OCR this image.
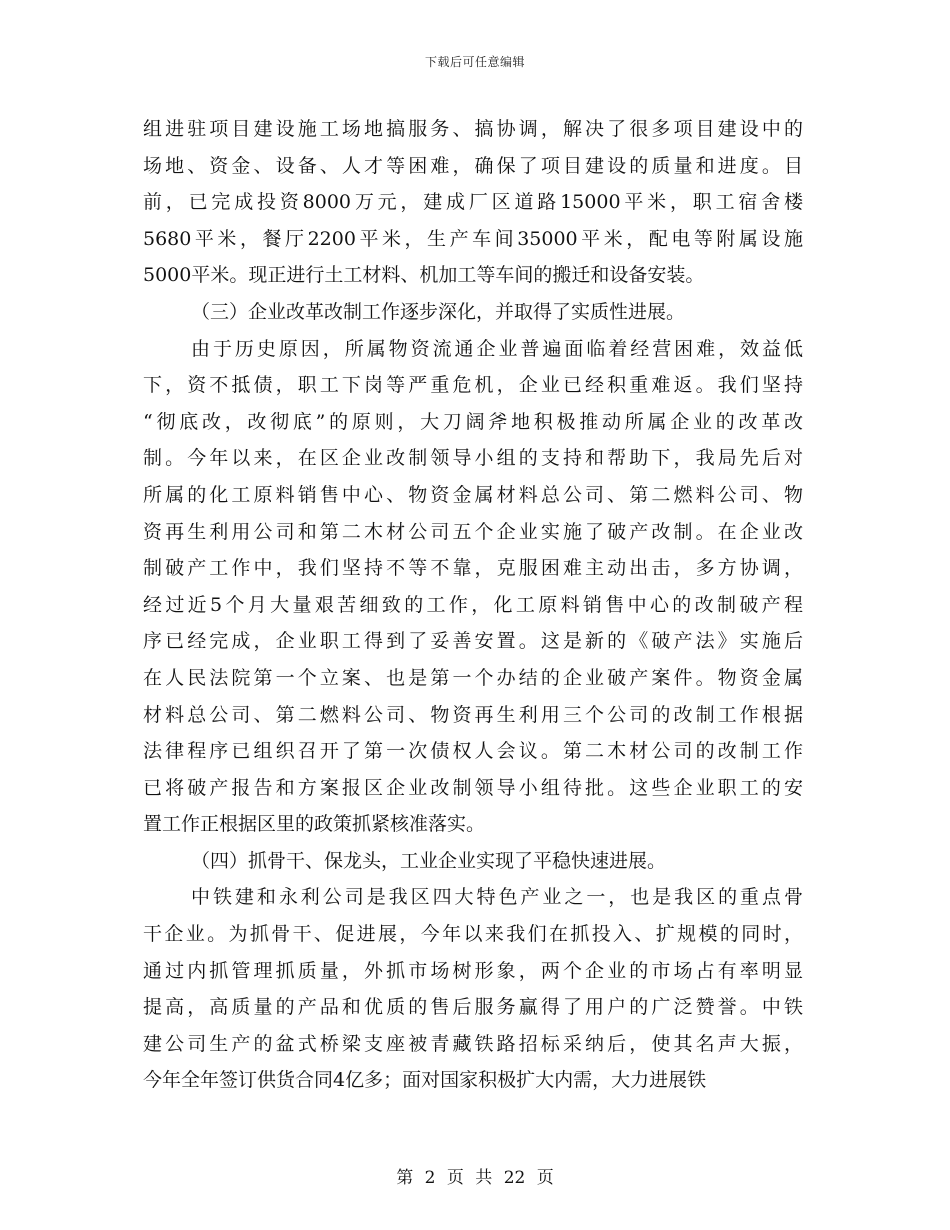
下载后可任意编辑
组进驻项目建设施工场地搞服务、搞协调，解决了很多项目建设中的
场地、资金、设备、人才等困难，确保了项目建设的质量和进度。目
前，已完成投资8000万元，建成厂区道路15000平米，职工宿舍楼
5680平米，餐厅2200平米，生产车间35000平米，配电等附属设施
5000平米。现正进行土工材料、机加工等车间的搬迁和设备安装。
（三）企业改革改制工作逐步深化，并取得了实质性进展。
由于历史原因，所属物资流通企业普遍面临着经营困难，效益低
下，资不抵债，职工下岗等严重危机，企业已经积重难返。我们坚持
“彻底改，改彻底”的原则，大刀阔斧地积极推动所属企业的改革改
制。今年以来，在区企业改制领导小组的支持和帮助下，我局先后对
所属的化工原料销售中心、物资金属材料总公司、第二燃料公司、物
资再生利用公司和第二木材公司五个企业实施了破产改制。在企业改
制破产工作中，我们坚持不等不靠，克服困难主动出击，多方协调，
经过近5个月大量艰苦细致的工作，化工原料销售中心的改制破产程
序已经完成，企业职工得到了妥善安置。这是新的《破产法》实施后
在人民法院第一个立案、也是第一个办结的企业破产案件。物资金属
材料总公司、第二燃料公司、物资再生利用三个公司的改制工作根据
法律程序已组织召开了第一次债权人会议。第二木材公司的改制工作
已将破产报告和方案报区企业改制领导小组待批。这些企业职工的安
置工作正根据区里的政策抓紧核准落实。
（四）抓骨干、保龙头，工业企业实现了平稳快速进展。
中铁建和永利公司是我区四大特色产业之一，也是我区的重点骨
干企业。为抓骨干、促进展，今年以来我们在抓投入、扩规模的同时，
通过内抓管理抓质量，外抓市场树形象，两个企业的市场占有率明显
提高，高质量的产品和优质的售后服务赢得了用户的广泛赞誉。中铁
建公司生产的盆式桥梁支座被青藏铁路招标采纳后，使其名声大振，
今年全年签订供货合同4亿多；面对国家积极扩大内需，大力进展铁
第 2 页 共 22 页
